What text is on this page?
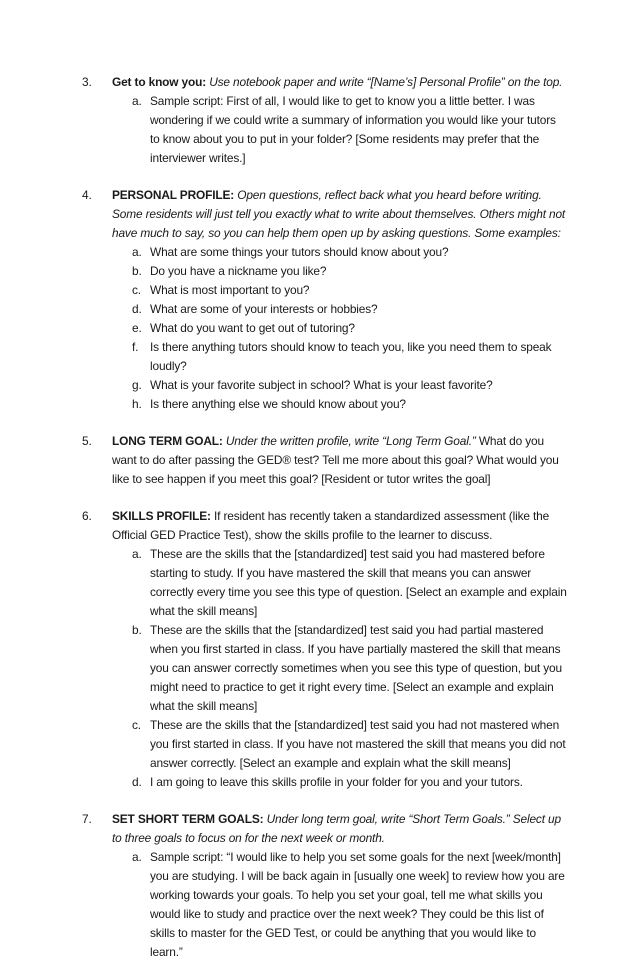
3. Get to know you: Use notebook paper and write “[Name’s] Personal Profile” on the top.
a. Sample script: First of all, I would like to get to know you a little better. I was wondering if we could write a summary of information you would like your tutors to know about you to put in your folder? [Some residents may prefer that the interviewer writes.]
4. PERSONAL PROFILE: Open questions, reflect back what you heard before writing. Some residents will just tell you exactly what to write about themselves. Others might not have much to say, so you can help them open up by asking questions. Some examples:
a. What are some things your tutors should know about you?
b. Do you have a nickname you like?
c. What is most important to you?
d. What are some of your interests or hobbies?
e. What do you want to get out of tutoring?
f. Is there anything tutors should know to teach you, like you need them to speak loudly?
g. What is your favorite subject in school? What is your least favorite?
h. Is there anything else we should know about you?
5. LONG TERM GOAL: Under the written profile, write “Long Term Goal.” What do you want to do after passing the GED® test? Tell me more about this goal? What would you like to see happen if you meet this goal? [Resident or tutor writes the goal]
6. SKILLS PROFILE: If resident has recently taken a standardized assessment (like the Official GED Practice Test), show the skills profile to the learner to discuss.
a. These are the skills that the [standardized] test said you had mastered before starting to study. If you have mastered the skill that means you can answer correctly every time you see this type of question. [Select an example and explain what the skill means]
b. These are the skills that the [standardized] test said you had partial mastered when you first started in class. If you have partially mastered the skill that means you can answer correctly sometimes when you see this type of question, but you might need to practice to get it right every time. [Select an example and explain what the skill means]
c. These are the skills that the [standardized] test said you had not mastered when you first started in class. If you have not mastered the skill that means you did not answer correctly. [Select an example and explain what the skill means]
d. I am going to leave this skills profile in your folder for you and your tutors.
7. SET SHORT TERM GOALS: Under long term goal, write “Short Term Goals.” Select up to three goals to focus on for the next week or month.
a. Sample script: “I would like to help you set some goals for the next [week/month] you are studying. I will be back again in [usually one week] to review how you are working towards your goals. To help you set your goal, tell me what skills you would like to study and practice over the next week? They could be this list of skills to master for the GED Test, or could be anything that you would like to learn.”
